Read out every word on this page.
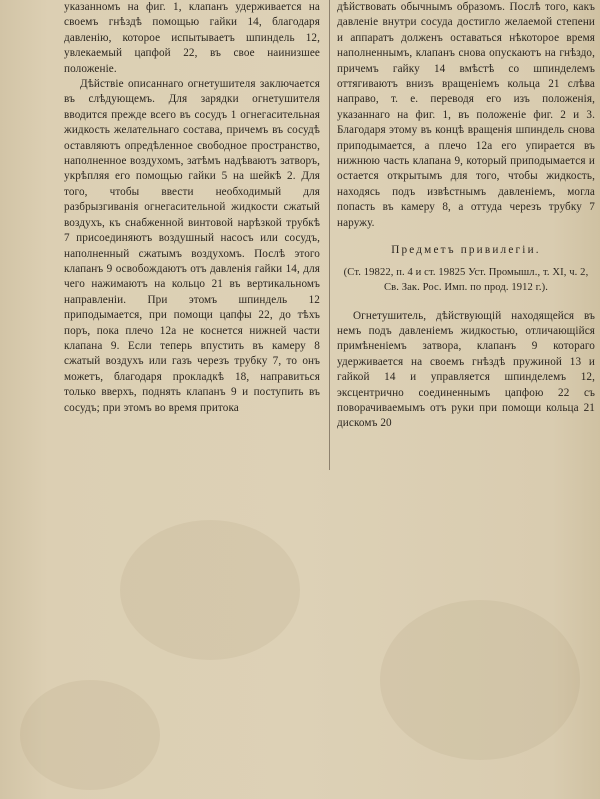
указанномъ на фиг. 1, клапанъ удерживается на своемъ гнѣздѣ помощью гайки 14, благодаря давленію, которое испытываетъ шпиндель 12, увлекаемый цапфой 22, въ свое наинизшее положеніе.

Дѣйствіе описаннаго огнетушителя заключается въ слѣдующемъ. Для зарядки огнетушителя вводится прежде всего въ сосудъ 1 огнегасительная жидкость желательнаго состава, причемъ въ сосудѣ оставляютъ опредѣленное свободное пространство, наполненное воздухомъ, затѣмъ надѣваютъ затворъ, укрѣпляя его помощью гайки 5 на шейкѣ 2. Для того, чтобы ввести необходимый для разбрызгиванія огнегасительной жидкости сжатый воздухъ, къ снабженной винтовой нарѣзкой трубкѣ 7 присоединяютъ воздушный насосъ или сосудъ, наполненный сжатымъ воздухомъ. Послѣ этого клапанъ 9 освобождаютъ отъ давленія гайки 14, для чего нажимаютъ на кольцо 21 въ вертикальномъ направленіи. При этомъ шпиндель 12 приподымается, при помощи цапфы 22, до тѣхъ поръ, пока плечо 12а не коснется нижней части клапана 9. Если теперь впустить въ камеру 8 сжатый воздухъ или газъ черезъ трубку 7, то онъ можетъ, благодаря прокладкѣ 18, направиться только вверхъ, поднять клапанъ 9 и поступить въ сосудъ; при этомъ во время притока

дѣйствовать обычнымъ образомъ. Послѣ того, какъ давленіе внутри сосуда достигло желаемой степени и аппаратъ долженъ оставаться нѣкоторое время наполненнымъ, клапанъ снова опускаютъ на гнѣздо, причемъ гайку 14 вмѣстѣ со шпинделемъ оттягиваютъ внизъ вращеніемъ кольца 21 слѣва направо, т. е. переводя его изъ положенія, указаннаго на фиг. 1, въ положеніе фиг. 2 и 3. Благодаря этому въ концѣ вращенія шпиндель снова приподымается, а плечо 12а его упирается въ нижнюю часть клапана 9, который приподымается и остается открытымъ для того, чтобы жидкость, находясь подъ извѣстнымъ давленіемъ, могла попасть въ камеру 8, а оттуда черезъ трубку 7 наружу.

Предметъ привилегіи.

(Ст. 19822, п. 4 и ст. 19825 Уст. Промышл., т. XI, ч. 2, Св. Зак. Рос. Имп. по прод. 1912 г.).

Огнетушитель, дѣйствующій находящейся въ немъ подъ давленіемъ жидкостью, отличающійся примѣненіемъ затвора, клапанъ 9 котораго удерживается на своемъ гнѣздѣ пружиной 13 и гайкой 14 и управляется шпинделемъ 12, эксцентрично соединеннымъ цапфою 22 съ поворачиваемымъ отъ руки при помощи кольца 21 дискомъ 20
